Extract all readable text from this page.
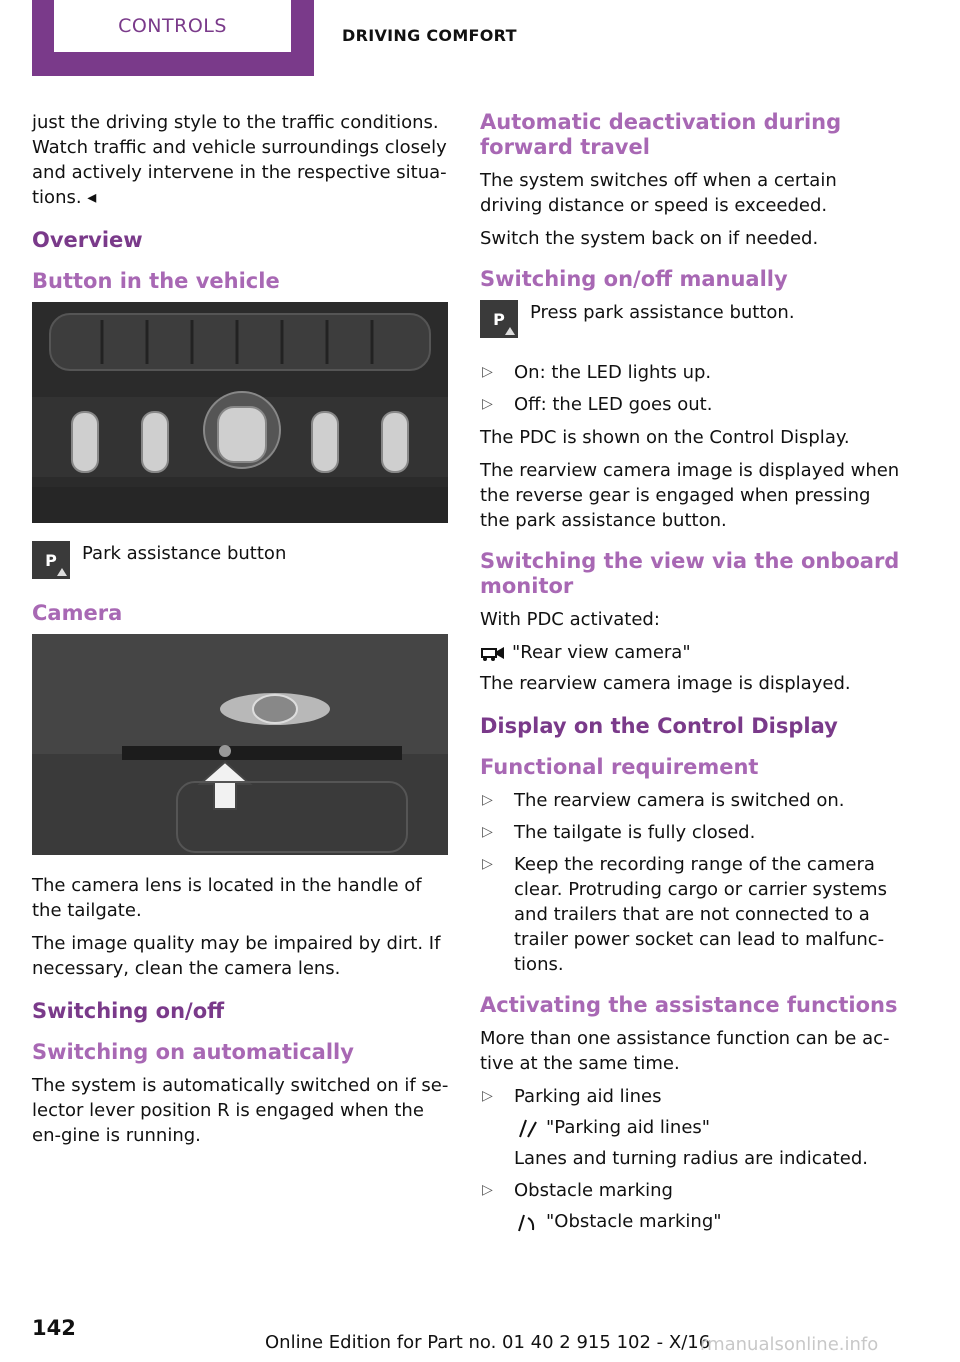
CONTROLS	DRIVING COMFORT

just the driving style to the traffic conditions. Watch traffic and vehicle surroundings closely and actively intervene in the respective situa‐tions. ◂

Overview
Button in the vehicle
P Park assistance button
Camera

The camera lens is located in the handle of the tailgate.

The image quality may be impaired by dirt. If necessary, clean the camera lens.

Switching on/off
Switching on automatically

The system is automatically switched on if se‐lector lever position R is engaged when the en‐gine is running.

Automatic deactivation during forward travel

The system switches off when a certain driving distance or speed is exceeded.

Switch the system back on if needed.

Switching on/off manually
P Press park assistance button.
▷ On: the LED lights up.
▷ Off: the LED goes out.

The PDC is shown on the Control Display.

The rearview camera image is displayed when the reverse gear is engaged when pressing the park assistance button.

Switching the view via the onboard monitor

With PDC activated:

"Rear view camera"

The rearview camera image is displayed.

Display on the Control Display
Functional requirement
▷ The rearview camera is switched on.
▷ The tailgate is fully closed.
▷ Keep the recording range of the camera clear. Protruding cargo or carrier systems and trailers that are not connected to a trailer power socket can lead to malfunc‐tions.
Activating the assistance functions

More than one assistance function can be ac‐tive at the same time.

▷ Parking aid lines
"Parking aid lines"
Lanes and turning radius are indicated.
▷ Obstacle marking
"Obstacle marking"
142
Online Edition for Part no. 01 40 2 915 102 - X/16
rmanualsonline.info
